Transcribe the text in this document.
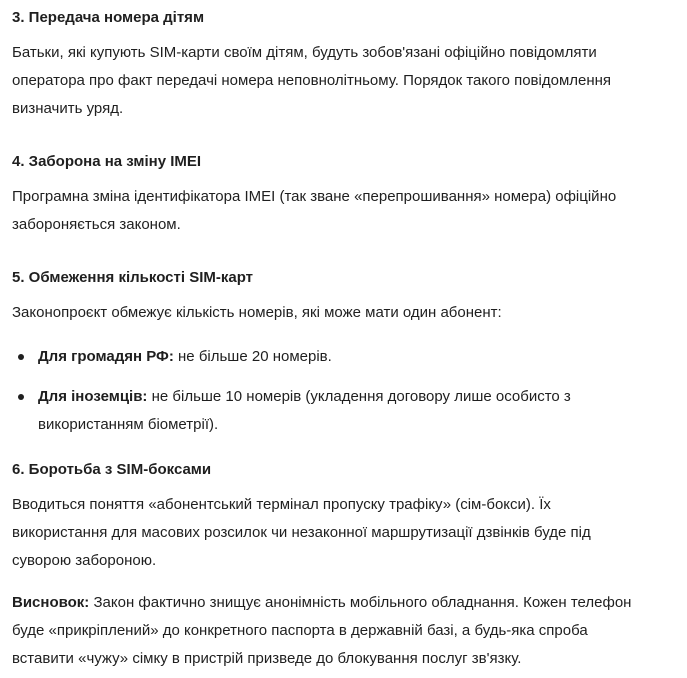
3. Передача номера дітям

Батьки, які купують SIM-карти своїм дітям, будуть зобов'язані офіційно повідомляти
оператора про факт передачі номера неповнолітньому. Порядок такого повідомлення
визначить уряд.

4. Заборона на зміну IMEI

Програмна зміна ідентифікатора IMEI (так зване «перепрошивання» номера) офіційно
забороняється законом.

5. Обмеження кількості SIM-карт

Законопроєкт обмежує кількість номерів, які може мати один абонент:

Для громадян РФ: не більше 20 номерів.
Для іноземців: не більше 10 номерів (укладення договору лише особисто з
використанням біометрії).
6. Боротьба з SIM-боксами

Вводиться поняття «абонентський термінал пропуску трафіку» (сім-бокси). Їх
використання для масових розсилок чи незаконної маршрутизації дзвінків буде під
суворою забороною.

Висновок: Закон фактично знищує анонімність мобільного обладнання. Кожен телефон
буде «прикріплений» до конкретного паспорта в державній базі, а будь-яка спроба
вставити «чужу» сімку в пристрій призведе до блокування послуг зв'язку.
